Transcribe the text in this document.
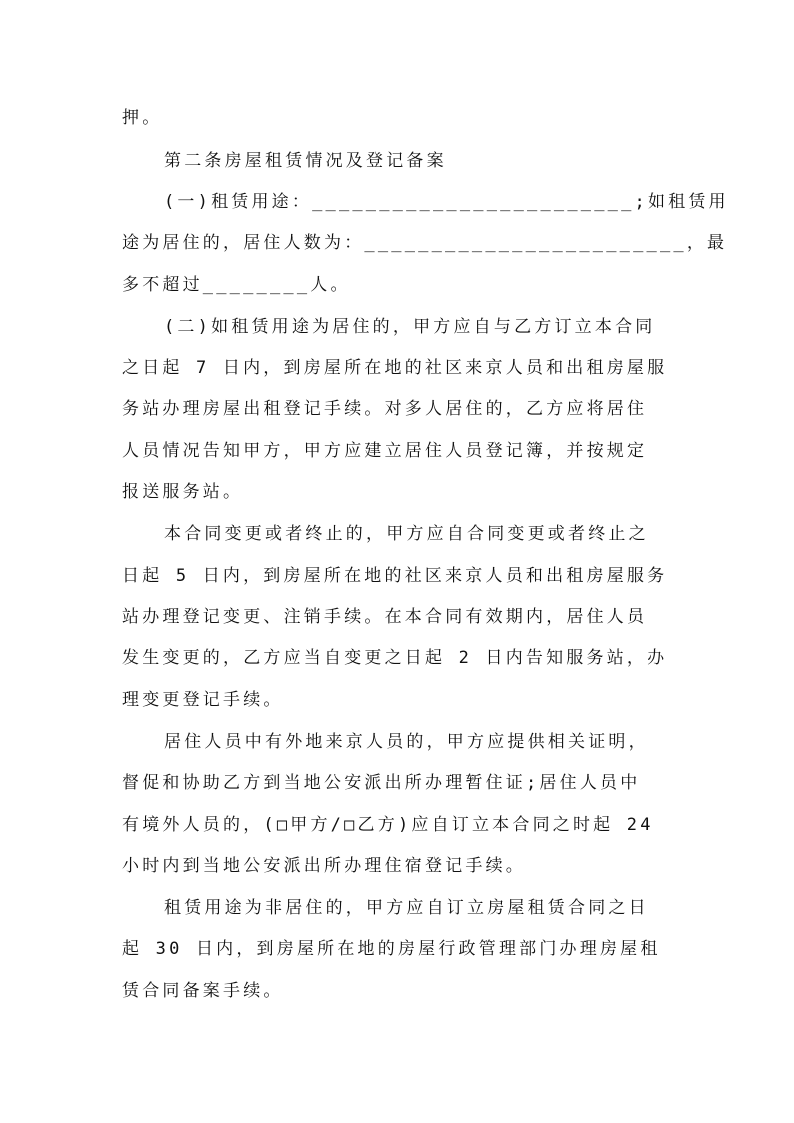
押。
第二条房屋租赁情况及登记备案
(一)租赁用途：________________________;如租赁用
途为居住的，居住人数为：________________________，最
多不超过________人。
(二)如租赁用途为居住的，甲方应自与乙方订立本合同
之日起 7 日内，到房屋所在地的社区来京人员和出租房屋服
务站办理房屋出租登记手续。对多人居住的，乙方应将居住
人员情况告知甲方，甲方应建立居住人员登记簿，并按规定
报送服务站。
本合同变更或者终止的，甲方应自合同变更或者终止之
日起 5 日内，到房屋所在地的社区来京人员和出租房屋服务
站办理登记变更、注销手续。在本合同有效期内，居住人员
发生变更的，乙方应当自变更之日起 2 日内告知服务站，办
理变更登记手续。
居住人员中有外地来京人员的，甲方应提供相关证明，
督促和协助乙方到当地公安派出所办理暂住证;居住人员中
有境外人员的，(□甲方/□乙方)应自订立本合同之时起 24
小时内到当地公安派出所办理住宿登记手续。
租赁用途为非居住的，甲方应自订立房屋租赁合同之日
起 30 日内，到房屋所在地的房屋行政管理部门办理房屋租
赁合同备案手续。
